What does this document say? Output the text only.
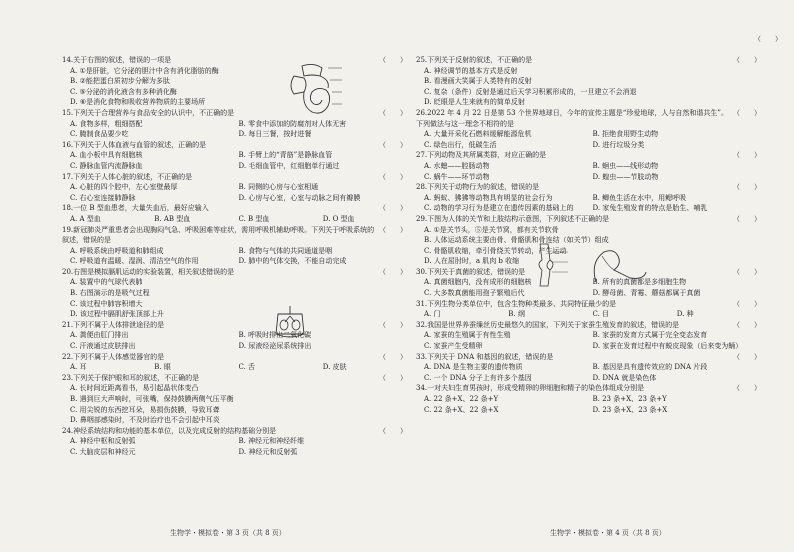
（　　）
14.关于右图的叙述，错误的一项是	（　　）
A. ①是肝脏，它分泌的胆汁中含有消化脂肪的酶
B. ②能把蛋白质初步分解为多肽
C. ⑤分泌的消化液含有多种消化酶
D. ⑥是消化食物和吸收营养物质的主要场所
15.下列关于合理营养与食品安全的认识中，不正确的是	（　　）
A. 食物多样，粗细搭配	B. 零食中添加的防腐剂对人体无害
C. 腌制食品要少吃	D. 每日三餐，按时进餐
16.下列关于人体血液与血管的叙述，正确的是	（　　）
A. 血小板中具有细胞核	B. 手臂上的“青筋”是静脉血管
C. 静脉血管内流静脉血	D. 毛细血管中，红细胞单行通过
17.下列关于人体心脏的叙述，不正确的是	（　　）
A. 心脏的四个腔中，左心室壁最厚	B. 同侧的心房与心室相通
C. 右心室连接肺静脉	D. 心房与心室，心室与动脉之间有瓣膜
18.一位 B 型血患者，大量失血后，最好应输入	（　　）
A. A 型血	B. AB 型血	C. B 型血	D. O 型血
19.新冠肺炎严重患者会出现胸闷气急、呼吸困难等症状，需用呼吸机辅助呼吸。下列关于呼吸系统的叙述，错误的是
（　　）
A. 呼吸系统由呼吸道和肺组成	B. 食物与气体的共同通道是咽
C. 呼吸道有温暖、湿润、清洁空气的作用	D. 肺中的气体交换，不能自动完成
20.右图是模拟膈肌运动的实验装置，相关叙述错误的是	（　　）
A. 装置中的气球代表肺
B. 右图演示的是吸气过程
C. 该过程中肺容积增大
D. 该过程中膈肌舒张顶部上升
21.下列不属于人体排泄途径的是	（　　）
A. 粪便由肛门排出	B. 呼吸时排出二氧化碳
C. 汗液通过皮肤排出	D. 尿液经泌尿系统排出
22.下列不属于人体感觉器官的是	（　　）
A. 耳	B. 眼	C. 舌	D. 皮肤
23.下列关于保护眼和耳的叙述，不正确的是	（　　）
A. 长时间近距离看书，易引起晶状体变凸
B. 遇到巨大声响时，可张嘴，保持鼓膜两侧气压平衡
C. 用尖锐的东西挖耳朵，易损伤鼓膜，导致耳聋
D. 鼻咽部感染时，不及时治疗也不会引起中耳炎
24.神经系统结构和功能的基本单位，以及完成反射的结构基础分别是	（　　）
A. 神经中枢和反射弧	B. 神经元和神经纤维
C. 大脑皮层和神经元	D. 神经元和反射弧
25.下列关于反射的叙述，不正确的是	（　　）
A. 神经调节的基本方式是反射
B. 看漫画大笑属于人类特有的反射
C. 复杂（条件）反射是通过后天学习积累形成的，一旦建立不会消退
D. 眨眼是人生来就有的简单反射
26.2022 年 4 月 22 日是第 53 个世界地球日，今年的宣传主题是“珍爱地球，人与自然和谐共生”。下列做法与这一理念不相符的是
（　　）
A. 大量开采化石燃料缓解能源危机	B. 拒绝食用野生动物
C. 绿色出行，低碳生活	D. 进行垃圾分类
27.下列动物及其所属类群，对应正确的是	（　　）
A. 水螅——腔肠动物	B. 蛔虫——线形动物
C. 蜗牛——环节动物	D. 蝗虫——节肢动物
28.下列关于动物行为的叙述，错误的是	（　　）
A. 蚂蚁、狒狒等动物具有明显的社会行为	B. 鲫鱼生活在水中，用鳃呼吸
C. 动物的学习行为是建立在遗传因素的基础上的	D. 家兔生殖发育的特点是胎生、哺乳
29.下图为人体的关节和上肢结构示意图，下列叙述不正确的是	（　　）
A. ①是关节头，⑤是关节窝，都有关节软骨
B. 人体运动系统主要由骨、骨骼肌和骨连结（如关节）组成
C. 骨骼肌收缩，牵引骨绕关节转动，产生运动
D. 人在屈肘时，a 肌肉 b 收缩
30.下列关于真菌的叙述，错误的是	（　　）
A. 真菌细胞内，没有成形的细胞核	B. 所有的真菌都是多细胞生物
C. 大多数真菌能用孢子繁殖后代	D. 酵母菌、青霉、蘑菇都属于真菌
31.下列生物分类单位中，包含生物种类最多、共同特征最少的是	（　　）
A. 门	B. 纲	C. 目	D. 种
32.我国是世界养蚕缫丝历史最悠久的国家，下列关于家蚕生殖发育的叙述，错误的是	（　　）
A. 家蚕的生殖属于有性生殖	B. 家蚕的发育方式属于完全变态发育
C. 家蚕产生受精卵	D. 家蚕在发育过程中有蜕皮现象（后来变为蛹）
33.下列关于 DNA 和基因的叙述，错误的是	（　　）
A. DNA 是生物主要的遗传物质	B. 基因是具有遗传效应的 DNA 片段
C. 一个 DNA 分子上有许多个基因	D. DNA 就是染色体
34.一对夫妇生育男孩时，形成受精卵的卵细胞和精子的染色体组成分别是	（　　）
A. 22 条+X、22 条+Y	B. 23 条+X、23 条+Y
C. 22 条+X、22 条+X	D. 23 条+X、23 条+X
生物学・模拟卷・第 3 页（共 8 页）	生物学・模拟卷・第 4 页（共 8 页）
